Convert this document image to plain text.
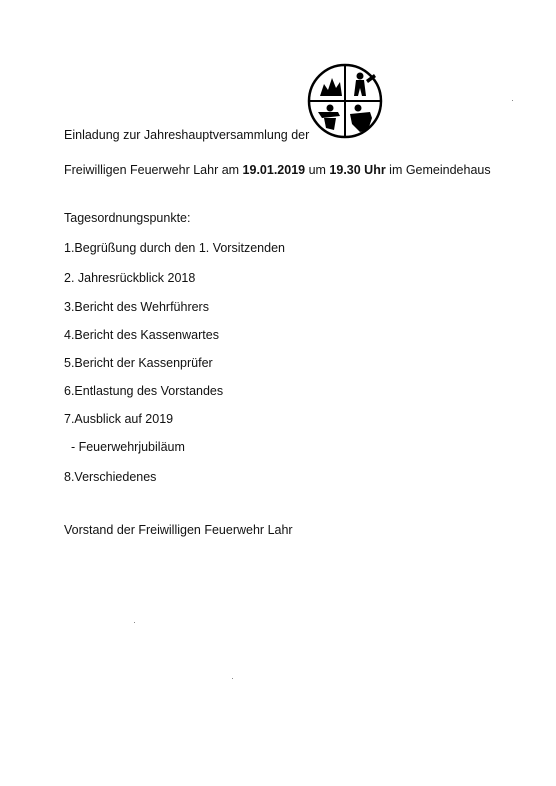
Einladung zur Jahreshauptversammlung der
Freiwilligen Feuerwehr Lahr am 19.01.2019 um 19.30 Uhr im Gemeindehaus
Tagesordnungspunkte:
1.Begrüßung durch den 1. Vorsitzenden
2. Jahresrückblick 2018
3.Bericht des Wehrführers
4.Bericht des Kassenwartes
5.Bericht der Kassenprüfer
6.Entlastung des Vorstandes
7.Ausblick auf 2019
- Feuerwehrjubiläum
8.Verschiedenes
Vorstand der Freiwilligen Feuerwehr Lahr
